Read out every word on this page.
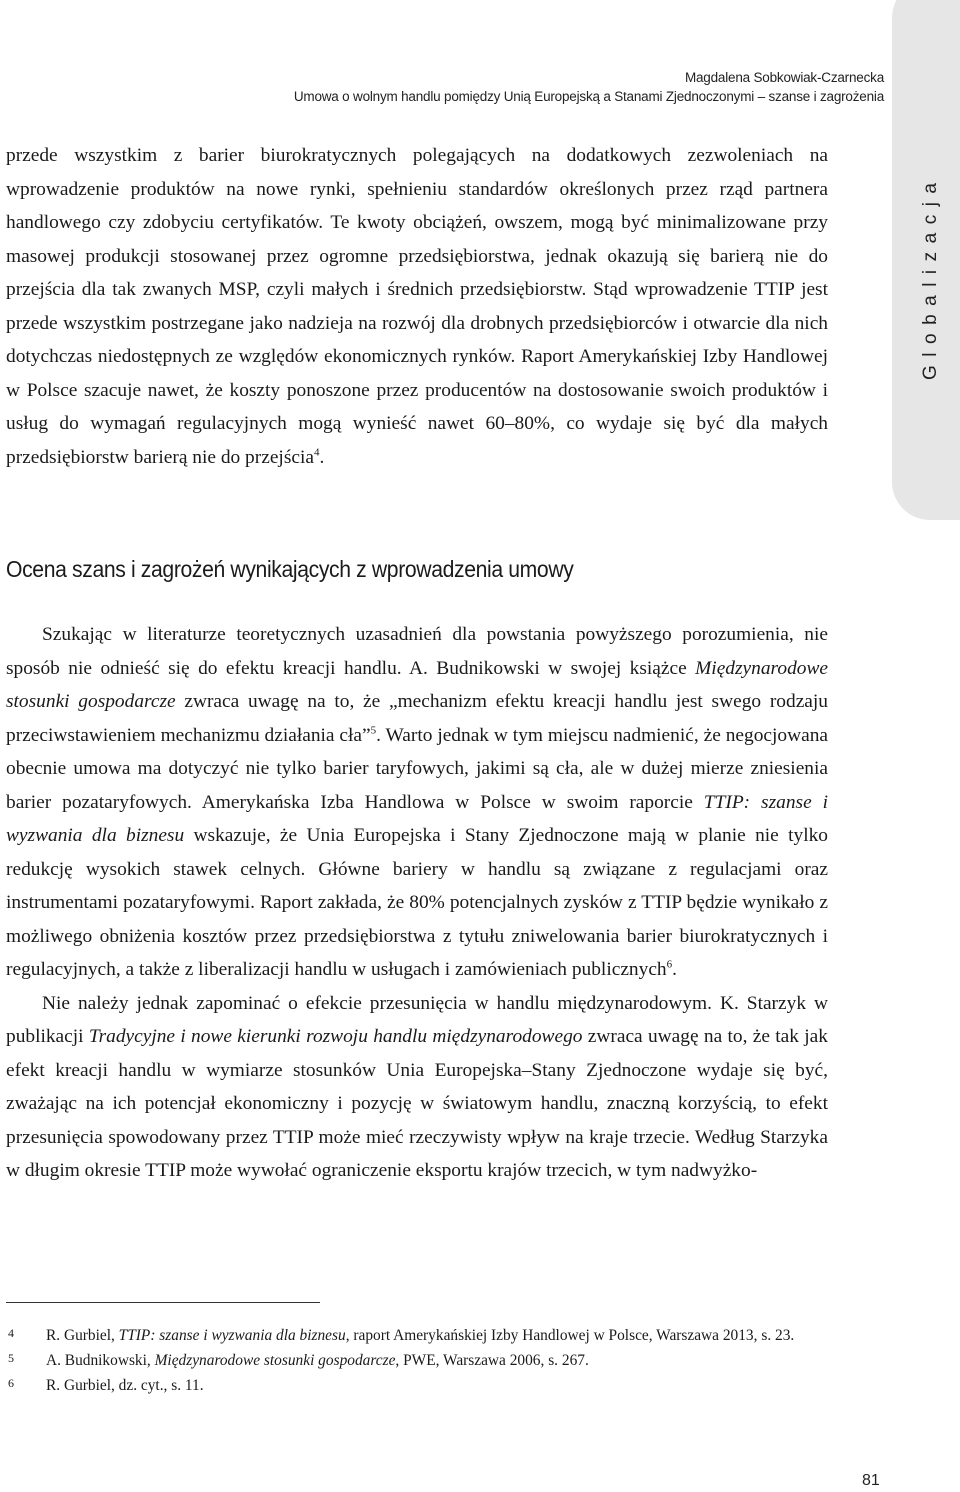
Magdalena Sobkowiak-Czarnecka
Umowa o wolnym handlu pomiędzy Unią Europejską a Stanami Zjednoczonymi – szanse i zagrożenia
Globalizacja

przede wszystkim z barier biurokratycznych polegających na dodatkowych zezwoleniach na wprowadzenie produktów na nowe rynki, spełnieniu standardów określonych przez rząd partnera handlowego czy zdobyciu certyfikatów. Te kwoty obciążeń, owszem, mogą być minimalizowane przy masowej produkcji stosowanej przez ogromne przedsiębiorstwa, jednak okazują się barierą nie do przejścia dla tak zwanych MSP, czyli małych i średnich przedsiębiorstw. Stąd wprowadzenie TTIP jest przede wszystkim postrzegane jako nadzieja na rozwój dla drobnych przedsiębiorców i otwarcie dla nich dotychczas niedostępnych ze względów ekonomicznych rynków. Raport Amerykańskiej Izby Handlowej w Polsce szacuje nawet, że koszty ponoszone przez producentów na dostosowanie swoich produktów i usług do wymagań regulacyjnych mogą wynieść nawet 60–80%, co wydaje się być dla małych przedsiębiorstw barierą nie do przejścia$^4$.

Ocena szans i zagrożeń wynikających z wprowadzenia umowy

Szukając w literaturze teoretycznych uzasadnień dla powstania powyższego porozumienia, nie sposób nie odnieść się do efektu kreacji handlu. A. Budnikowski w swojej książce Międzynarodowe stosunki gospodarcze zwraca uwagę na to, że „mechanizm efektu kreacji handlu jest swego rodzaju przeciwstawieniem mechanizmu działania cła”$^5$. Warto jednak w tym miejscu nadmienić, że negocjowana obecnie umowa ma dotyczyć nie tylko barier taryfowych, jakimi są cła, ale w dużej mierze zniesienia barier pozataryfowych. Amerykańska Izba Handlowa w Polsce w swoim raporcie TTIP: szanse i wyzwania dla biznesu wskazuje, że Unia Europejska i Stany Zjednoczone mają w planie nie tylko redukcję wysokich stawek celnych. Główne bariery w handlu są związane z regulacjami oraz instrumentami pozataryfowymi. Raport zakłada, że 80% potencjalnych zysków z TTIP będzie wynikało z możliwego obniżenia kosztów przez przedsiębiorstwa z tytułu zniwelowania barier biurokratycznych i regulacyjnych, a także z liberalizacji handlu w usługach i zamówieniach publicznych$^6$.

Nie należy jednak zapominać o efekcie przesunięcia w handlu międzynarodowym. K. Starzyk w publikacji Tradycyjne i nowe kierunki rozwoju handlu międzynarodowego zwraca uwagę na to, że tak jak efekt kreacji handlu w wymiarze stosunków Unia Europejska–Stany Zjednoczone wydaje się być, zważając na ich potencjał ekonomiczny i pozycję w światowym handlu, znaczną korzyścią, to efekt przesunięcia spowodowany przez TTIP może mieć rzeczywisty wpływ na kraje trzecie. Według Starzyka w długim okresie TTIP może wywołać ograniczenie eksportu krajów trzecich, w tym nadwyżko-

4 R. Gurbiel, TTIP: szanse i wyzwania dla biznesu, raport Amerykańskiej Izby Handlowej w Polsce, Warszawa 2013, s. 23.

5 A. Budnikowski, Międzynarodowe stosunki gospodarcze, PWE, Warszawa 2006, s. 267.

6 R. Gurbiel, dz. cyt., s. 11.

81
